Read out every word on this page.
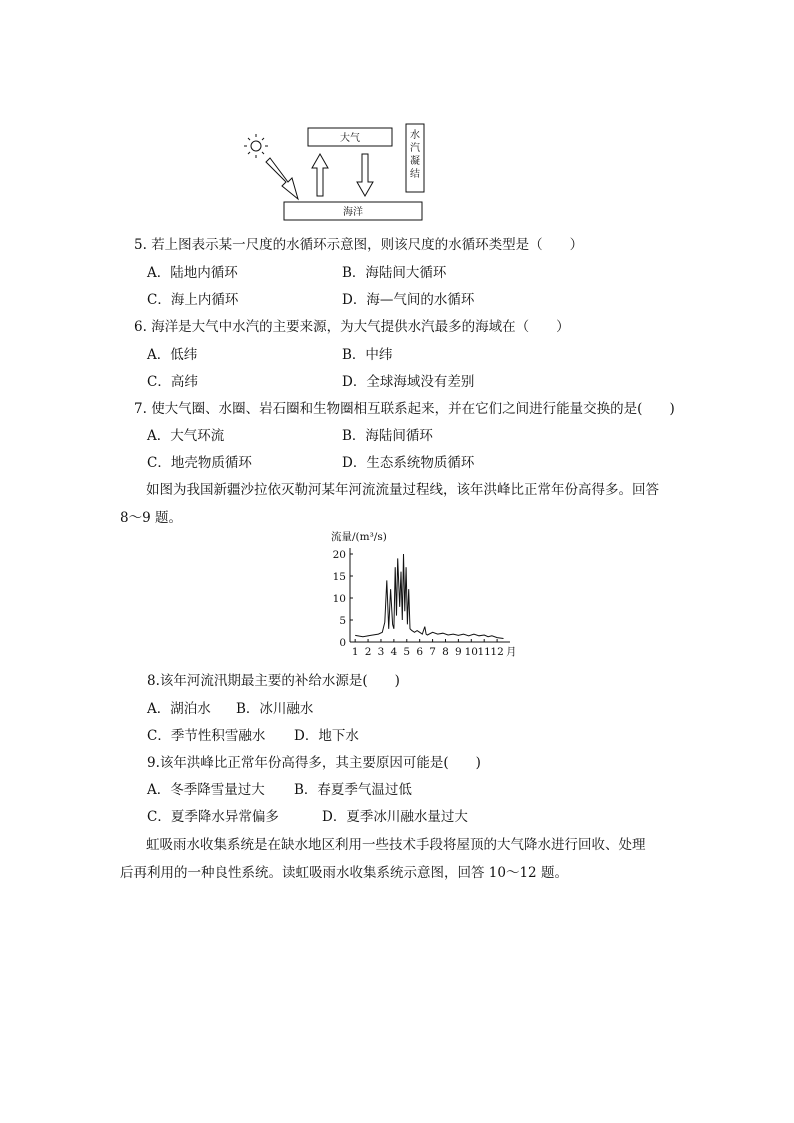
大气	水
汽
凝
结
海洋
5. 若上图表示某一尺度的水循环示意图，则该尺度的水循环类型是（　　）
A．陆地内循环	B．海陆间大循环
C．海上内循环	D．海—气间的水循环
6. 海洋是大气中水汽的主要来源，为大气提供水汽最多的海域在（　　）
A．低纬	B．中纬
C．高纬	D．全球海域没有差别
7. 使大气圈、水圈、岩石圈和生物圈相互联系起来，并在它们之间进行能量交换的是(　　)
A．大气环流	B．海陆间循环
C．地壳物质循环	D．生态系统物质循环
如图为我国新疆沙拉依灭勒河某年河流流量过程线，该年洪峰比正常年份高得多。回答
8～9 题。
流量/(m³/s)
月
0
5
10
15
20
1 2 3 4 5 6 7 8 9 10 11 12
8.该年河流汛期最主要的补给水源是(　　)
A．湖泊水 B．冰川融水
C．季节性积雪融水 D．地下水
9.该年洪峰比正常年份高得多，其主要原因可能是(　　)
A．冬季降雪量过大 B．春夏季气温过低
C．夏季降水异常偏多	D．夏季冰川融水量过大
虹吸雨水收集系统是在缺水地区利用一些技术手段将屋顶的大气降水进行回收、处理
后再利用的一种良性系统。读虹吸雨水收集系统示意图，回答 10～12 题。
